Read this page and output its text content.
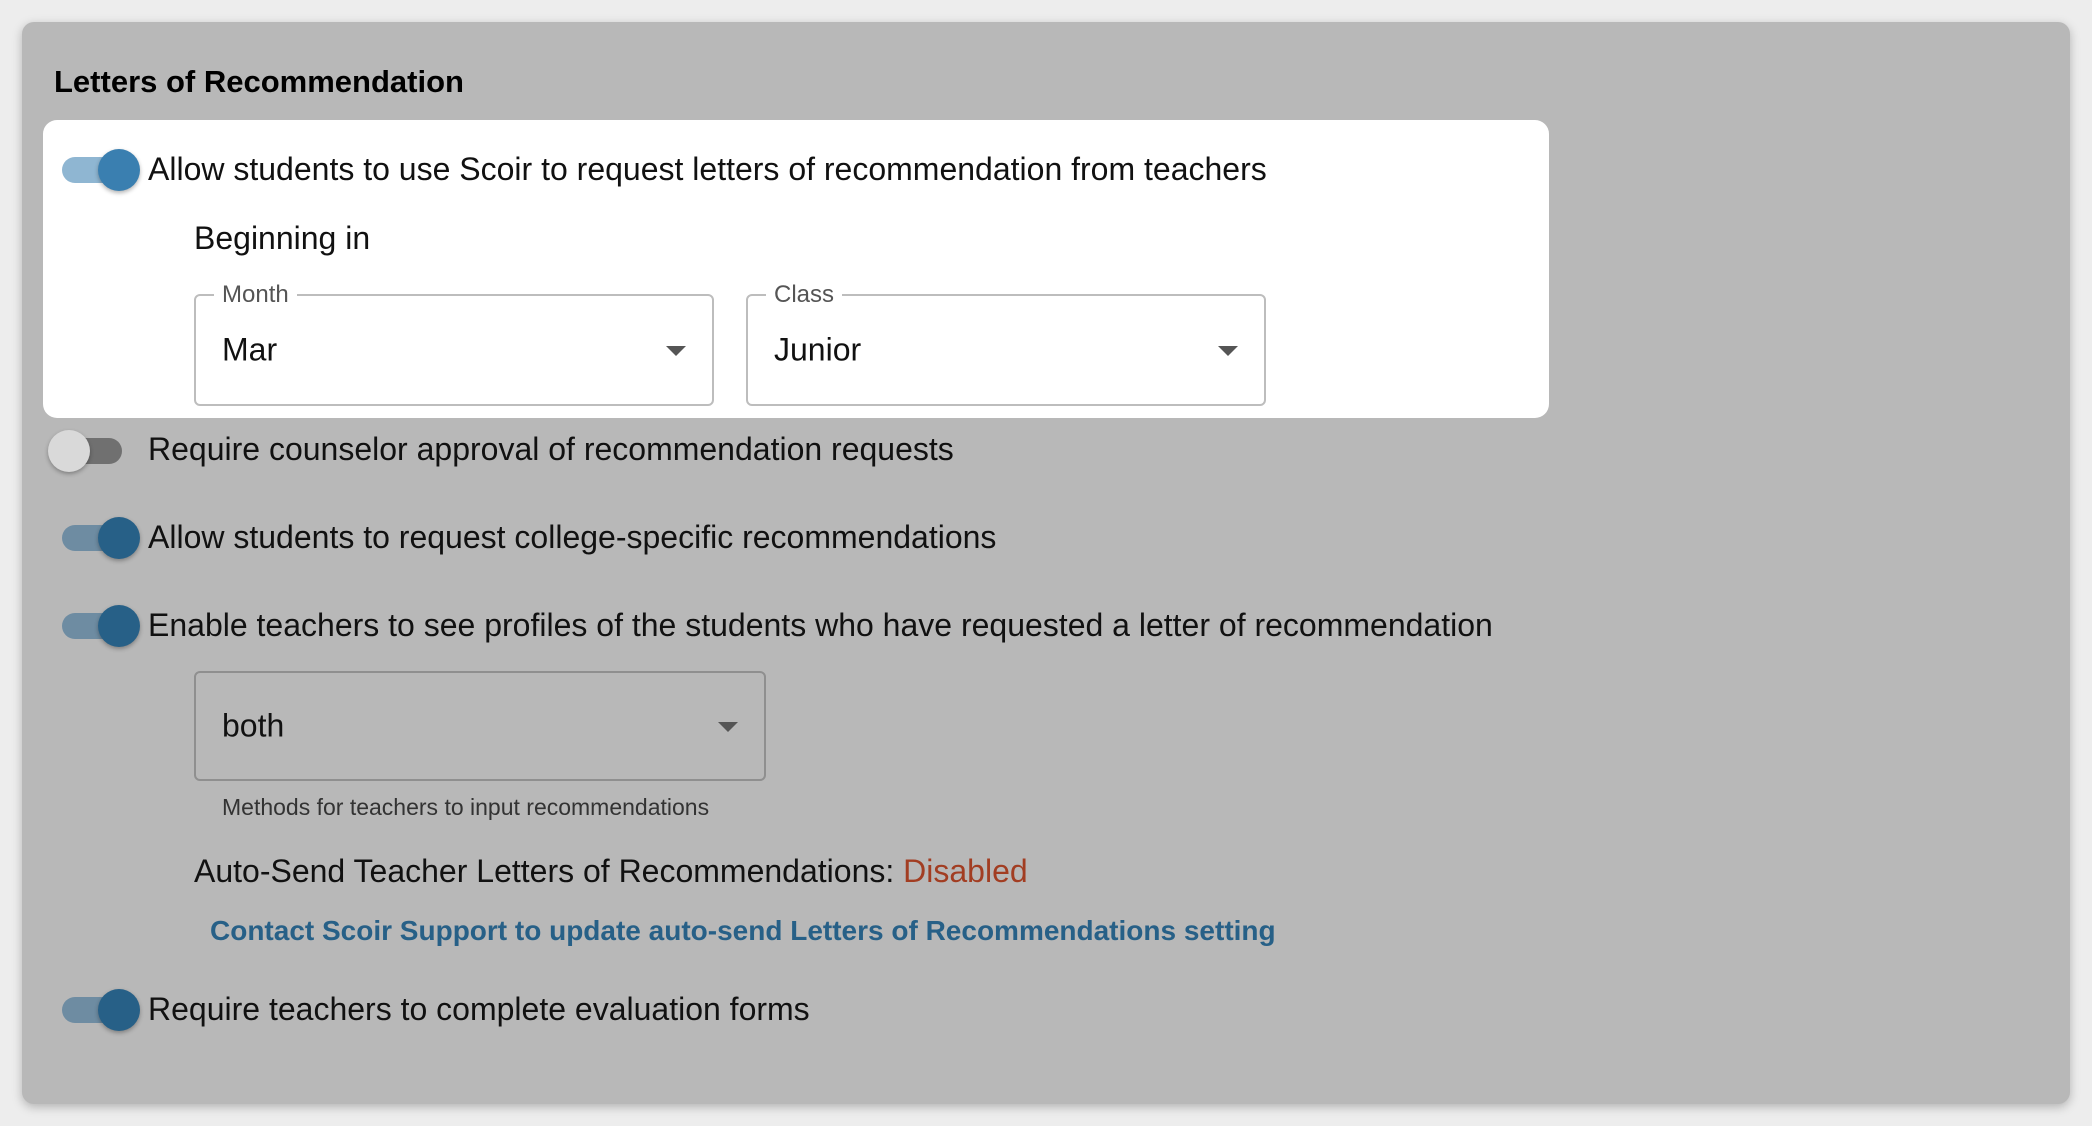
Letters of Recommendation
Allow students to use Scoir to request letters of recommendation from teachers
Beginning in
Month
Mar
Class
Junior
Require counselor approval of recommendation requests
Allow students to request college-specific recommendations
Enable teachers to see profiles of the students who have requested a letter of recommendation
both
Methods for teachers to input recommendations
Auto-Send Teacher Letters of Recommendations: Disabled
Contact Scoir Support to update auto-send Letters of Recommendations setting
Require teachers to complete evaluation forms
